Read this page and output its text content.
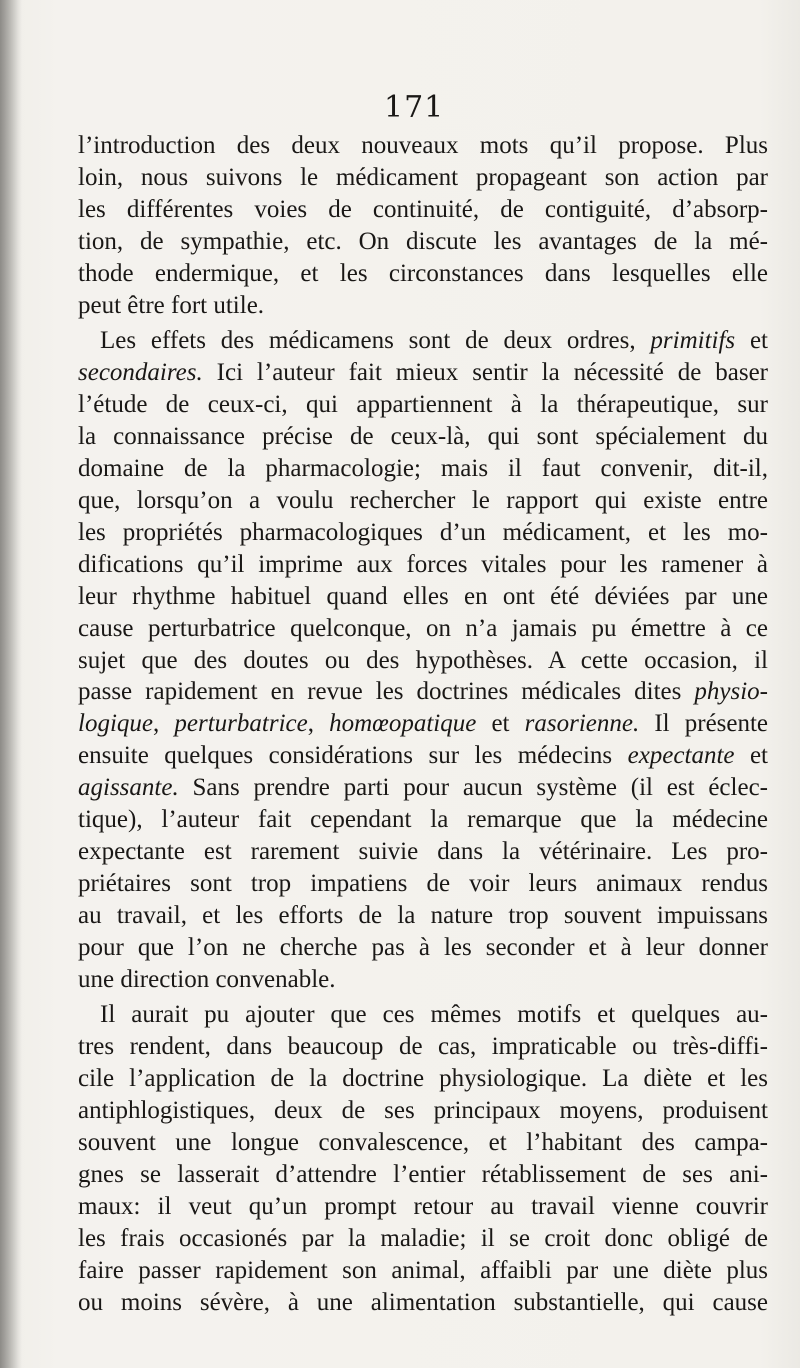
171
l’introduction des deux nouveaux mots qu’il propose. Plus
loin, nous suivons le médicament propageant son action par
les différentes voies de continuité, de contiguité, d’absorp-
tion, de sympathie, etc. On discute les avantages de la mé-
thode endermique, et les circonstances dans lesquelles elle
peut être fort utile.
Les effets des médicamens sont de deux ordres, primitifs et
secondaires. Ici l’auteur fait mieux sentir la nécessité de baser
l’étude de ceux-ci, qui appartiennent à la thérapeutique, sur
la connaissance précise de ceux-là, qui sont spécialement du
domaine de la pharmacologie; mais il faut convenir, dit-il,
que, lorsqu’on a voulu rechercher le rapport qui existe entre
les propriétés pharmacologiques d’un médicament, et les mo-
difications qu’il imprime aux forces vitales pour les ramener à
leur rhythme habituel quand elles en ont été déviées par une
cause perturbatrice quelconque, on n’a jamais pu émettre à ce
sujet que des doutes ou des hypothèses. A cette occasion, il
passe rapidement en revue les doctrines médicales dites physio-
logique, perturbatrice, homœopatique et rasorienne. Il présente
ensuite quelques considérations sur les médecins expectante et
agissante. Sans prendre parti pour aucun système (il est éclec-
tique), l’auteur fait cependant la remarque que la médecine
expectante est rarement suivie dans la vétérinaire. Les pro-
priétaires sont trop impatiens de voir leurs animaux rendus
au travail, et les efforts de la nature trop souvent impuissans
pour que l’on ne cherche pas à les seconder et à leur donner
une direction convenable.
Il aurait pu ajouter que ces mêmes motifs et quelques au-
tres rendent, dans beaucoup de cas, impraticable ou très-diffi-
cile l’application de la doctrine physiologique. La diète et les
antiphlogistiques, deux de ses principaux moyens, produisent
souvent une longue convalescence, et l’habitant des campa-
gnes se lasserait d’attendre l’entier rétablissement de ses ani-
maux: il veut qu’un prompt retour au travail vienne couvrir
les frais occasionés par la maladie; il se croit donc obligé de
faire passer rapidement son animal, affaibli par une diète plus
ou moins sévère, à une alimentation substantielle, qui cause
